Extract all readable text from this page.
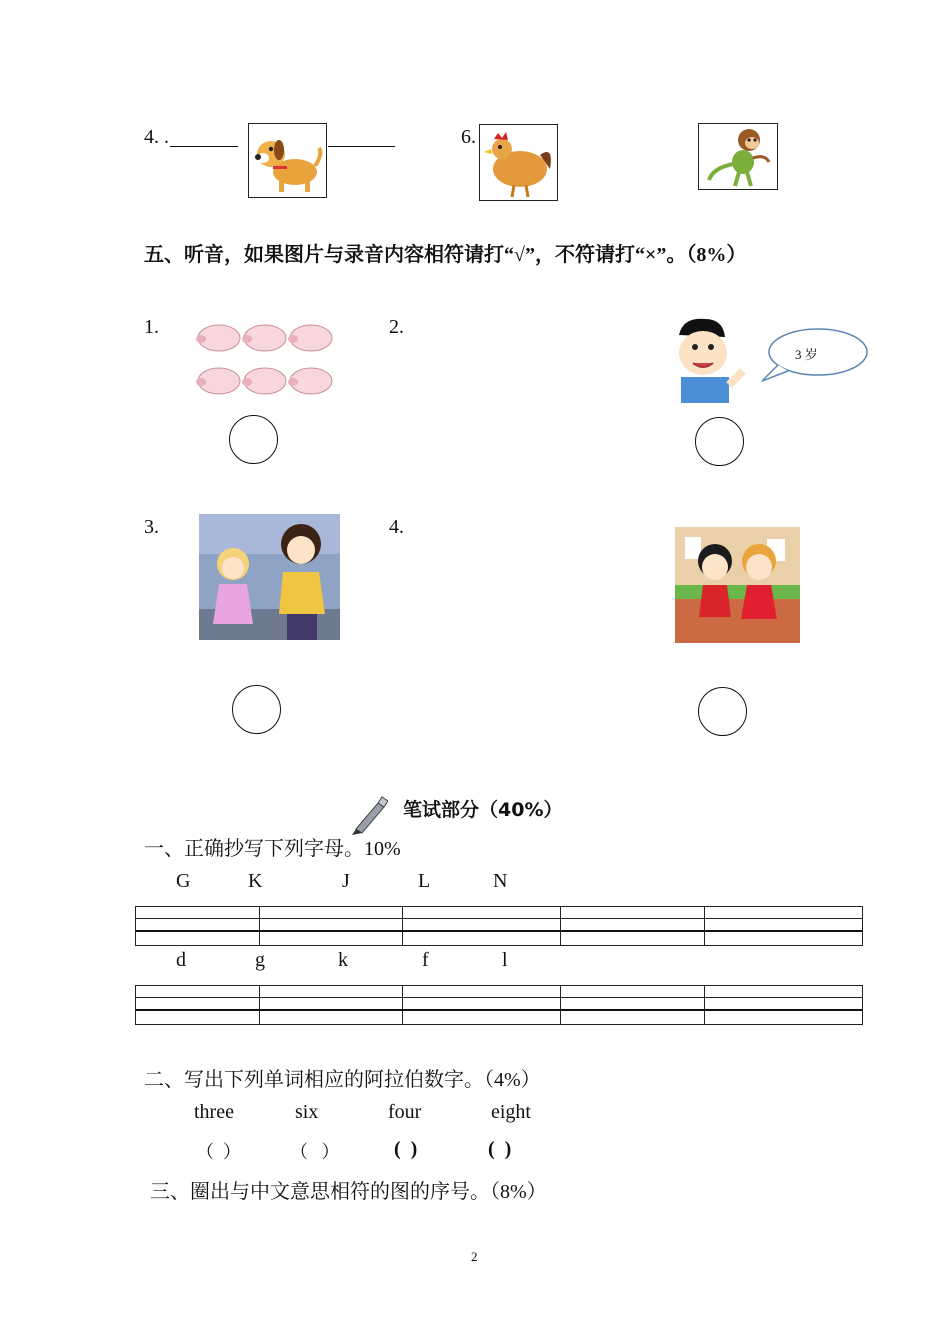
4. .	6.
五、听音，如果图片与录音内容相符请打“√”，不符请打“×”。（8%）
1.	2.
3 岁
3.	4.
笔试部分（40%）
一、正确抄写下列字母。10%
G	K	J	L	N
d	g	k	f	l
二、写出下列单词相应的阿拉伯数字。（4%）
three	six	four	eight
（  ）	（   ）	(  )	(  )
三、圈出与中文意思相符的图的序号。（8%）
2
